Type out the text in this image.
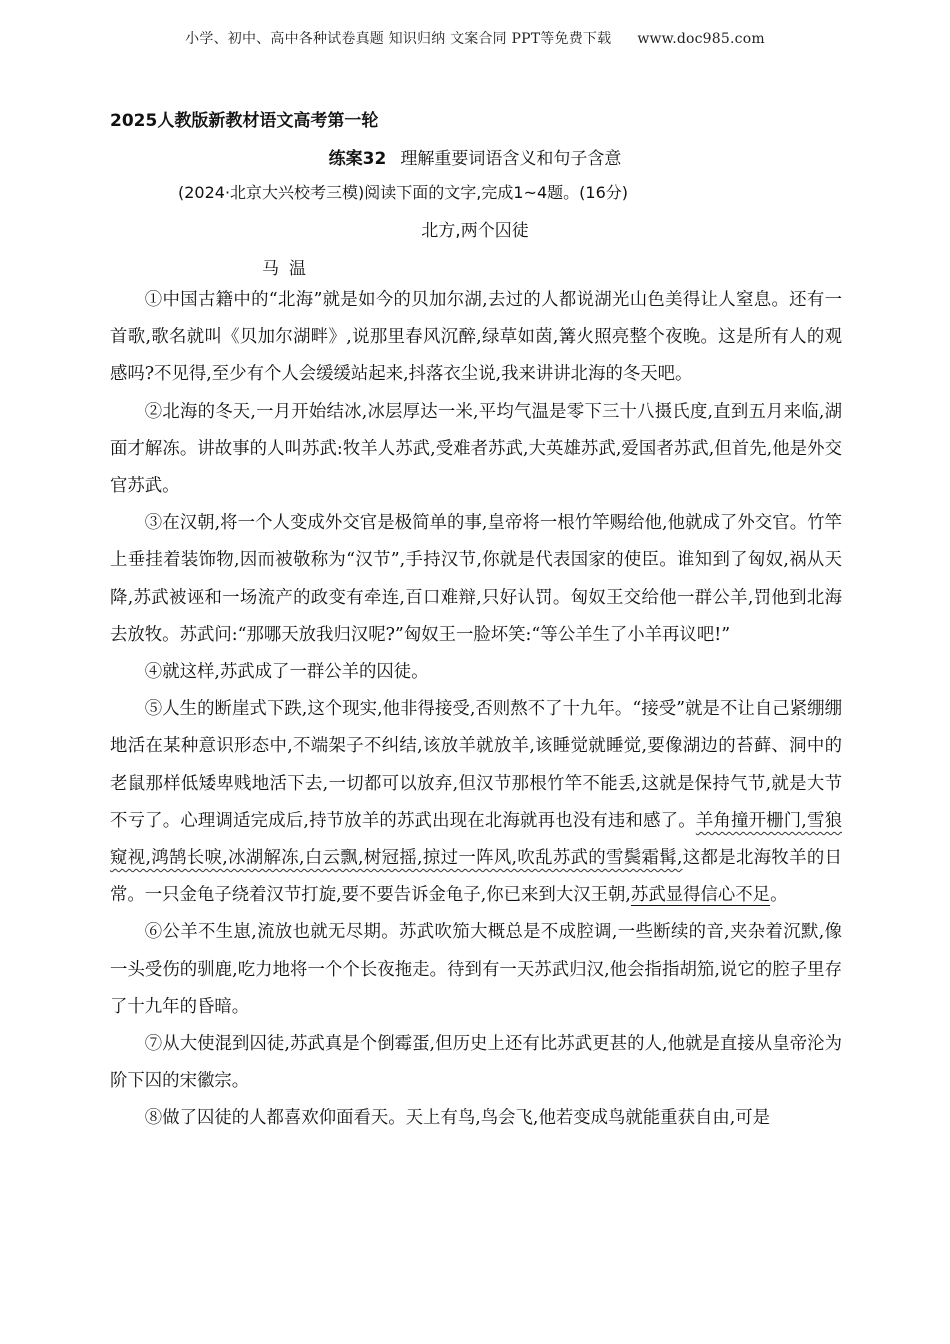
小学、初中、高中各种试卷真题 知识归纳 文案合同 PPT等免费下载 www.doc985.com
2025人教版新教材语文高考第一轮
练案32 理解重要词语含义和句子含意
(2024·北京大兴校考三模)阅读下面的文字,完成1~4题。(16分)
北方,两个囚徒
马温

①中国古籍中的“北海”就是如今的贝加尔湖,去过的人都说湖光山色美得让人窒息。还有一首歌,歌名就叫《贝加尔湖畔》,说那里春风沉醉,绿草如茵,篝火照亮整个夜晚。这是所有人的观感吗?不见得,至少有个人会缓缓站起来,抖落衣尘说,我来讲讲北海的冬天吧。

②北海的冬天,一月开始结冰,冰层厚达一米,平均气温是零下三十八摄氏度,直到五月来临,湖面才解冻。讲故事的人叫苏武:牧羊人苏武,受难者苏武,大英雄苏武,爱国者苏武,但首先,他是外交官苏武。

③在汉朝,将一个人变成外交官是极简单的事,皇帝将一根竹竿赐给他,他就成了外交官。竹竿上垂挂着装饰物,因而被敬称为“汉节”,手持汉节,你就是代表国家的使臣。谁知到了匈奴,祸从天降,苏武被诬和一场流产的政变有牵连,百口难辩,只好认罚。匈奴王交给他一群公羊,罚他到北海去放牧。苏武问:“那哪天放我归汉呢?”匈奴王一脸坏笑:“等公羊生了小羊再议吧!”

④就这样,苏武成了一群公羊的囚徒。

⑤人生的断崖式下跌,这个现实,他非得接受,否则熬不了十九年。“接受”就是不让自己紧绷绷地活在某种意识形态中,不端架子不纠结,该放羊就放羊,该睡觉就睡觉,要像湖边的苔藓、洞中的老鼠那样低矮卑贱地活下去,一切都可以放弃,但汉节那根竹竿不能丢,这就是保持气节,就是大节不亏了。心理调适完成后,持节放羊的苏武出现在北海就再也没有违和感了。羊角撞开栅门,雪狼窥视,鸿鹄长唳,冰湖解冻,白云飘,树冠摇,掠过一阵风,吹乱苏武的雪鬓霜髯,这都是北海牧羊的日常。一只金龟子绕着汉节打旋,要不要告诉金龟子,你已来到大汉王朝,苏武显得信心不足。

⑥公羊不生崽,流放也就无尽期。苏武吹笳大概总是不成腔调,一些断续的音,夹杂着沉默,像一头受伤的驯鹿,吃力地将一个个长夜拖走。待到有一天苏武归汉,他会指指胡笳,说它的腔子里存了十九年的昏暗。

⑦从大使混到囚徒,苏武真是个倒霉蛋,但历史上还有比苏武更甚的人,他就是直接从皇帝沦为阶下囚的宋徽宗。

⑧做了囚徒的人都喜欢仰面看天。天上有鸟,鸟会飞,他若变成鸟就能重获自由,可是
